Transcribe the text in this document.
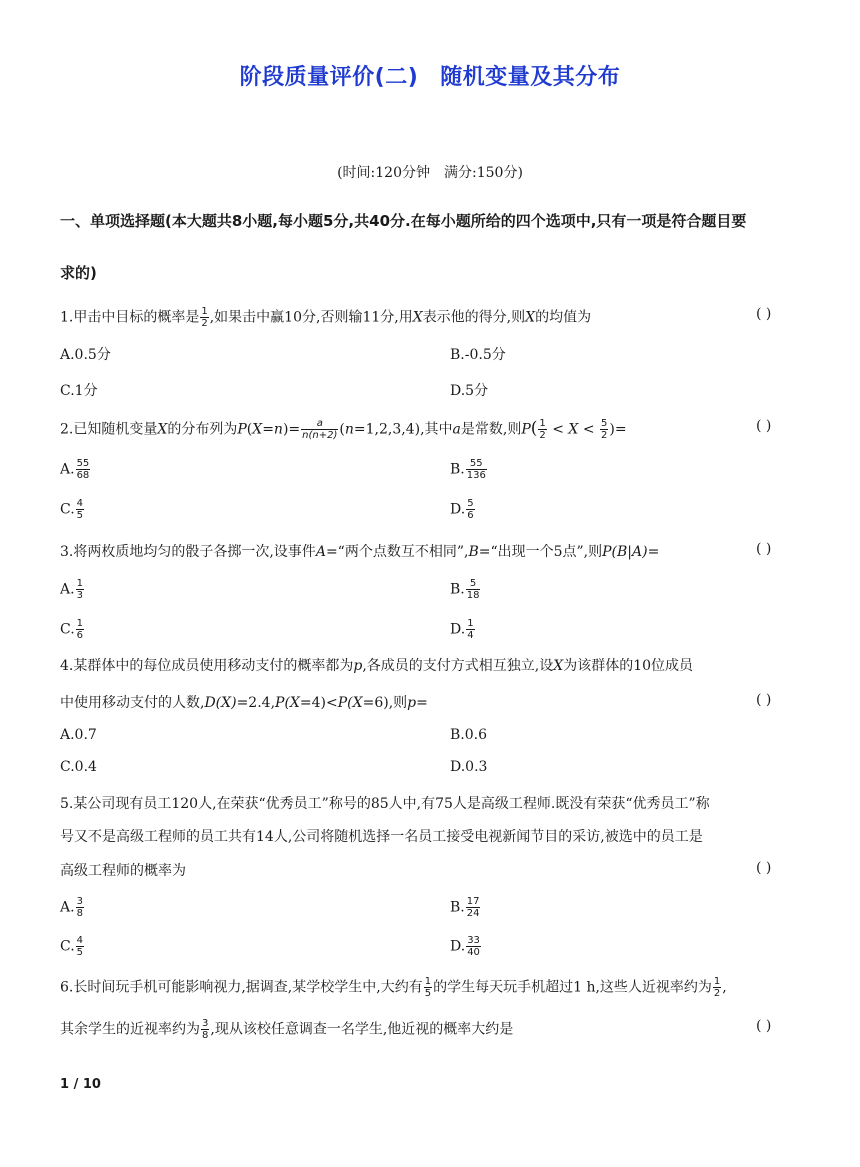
阶段质量评价(二) 随机变量及其分布
(时间:120分钟 满分:150分)
一、单项选择题(本大题共8小题,每小题5分,共40分.在每小题所给的四个选项中,只有一项是符合题目要
求的)
1.甲击中目标的概率是 $\frac{1}{2}$ ,如果击中赢10分,否则输11分,用X表示他的得分,则X的均值为	( )
A.0.5分	B.-0.5分
C.1分	D.5分
2.已知随机变量X的分布列为$P(X=n)= \frac{a}{n(n+2)} (n=1,2,3,4)$,其中a是常数,则$P( \frac{1}{2} < X < \frac{5}{2}$ )=	( )
A. $\frac{55}{68}$	B. $\frac{55}{136}$
C. $\frac{4}{5}$	D. $\frac{5}{6}$
3.将两枚质地均匀的骰子各掷一次,设事件A=“两个点数互不相同”,B=“出现一个5点”,则P(B|A)=	( )
A. $\frac{1}{3}$	B. $\frac{5}{18}$
C. $\frac{1}{6}$	D. $\frac{1}{4}$
4.某群体中的每位成员使用移动支付的概率都为p,各成员的支付方式相互独立,设X为该群体的10位成员
中使用移动支付的人数,D(X)=2.4,P(X=4)<P(X=6),则p=	( )
A.0.7	B.0.6
C.0.4	D.0.3
5.某公司现有员工120人,在荣获“优秀员工”称号的85人中,有75人是高级工程师.既没有荣获“优秀员工”称
号又不是高级工程师的员工共有14人,公司将随机选择一名员工接受电视新闻节目的采访,被选中的员工是
高级工程师的概率为	( )
A. $\frac{3}{8}$	B. $\frac{17}{24}$
C. $\frac{4}{5}$	D. $\frac{33}{40}$
6.长时间玩手机可能影响视力,据调查,某学校学生中,大约有 $\frac{1}{5}$ 的学生每天玩手机超过1 h,这些人近视率约为 $\frac{1}{2}$ ,
其余学生的近视率约为 $\frac{3}{8}$ ,现从该校任意调查一名学生,他近视的概率大约是	( )
1 / 10
